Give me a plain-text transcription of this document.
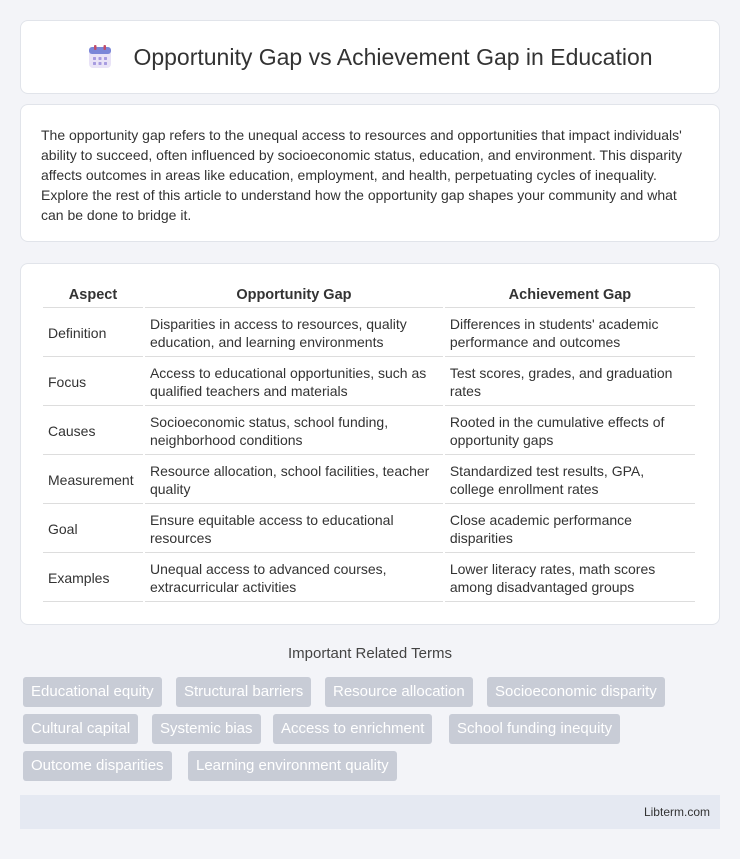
Opportunity Gap vs Achievement Gap in Education

The opportunity gap refers to the unequal access to resources and opportunities that impact individuals' ability to succeed, often influenced by socioeconomic status, education, and environment. This disparity affects outcomes in areas like education, employment, and health, perpetuating cycles of inequality. Explore the rest of this article to understand how the opportunity gap shapes your community and what can be done to bridge it.

Aspect	Opportunity Gap	Achievement Gap
Definition	Disparities in access to resources, quality education, and learning environments	Differences in students' academic performance and outcomes
Focus	Access to educational opportunities, such as qualified teachers and materials	Test scores, grades, and graduation rates
Causes	Socioeconomic status, school funding, neighborhood conditions	Rooted in the cumulative effects of opportunity gaps
Measurement	Resource allocation, school facilities, teacher quality	Standardized test results, GPA, college enrollment rates
Goal	Ensure equitable access to educational resources	Close academic performance disparities
Examples	Unequal access to advanced courses, extracurricular activities	Lower literacy rates, math scores among disadvantaged groups
Important Related Terms
Educational equity	Structural barriers	Resource allocation	Socioeconomic disparity
Cultural capital	Systemic bias	Access to enrichment	School funding inequity
Outcome disparities	Learning environment quality
Libterm.com
